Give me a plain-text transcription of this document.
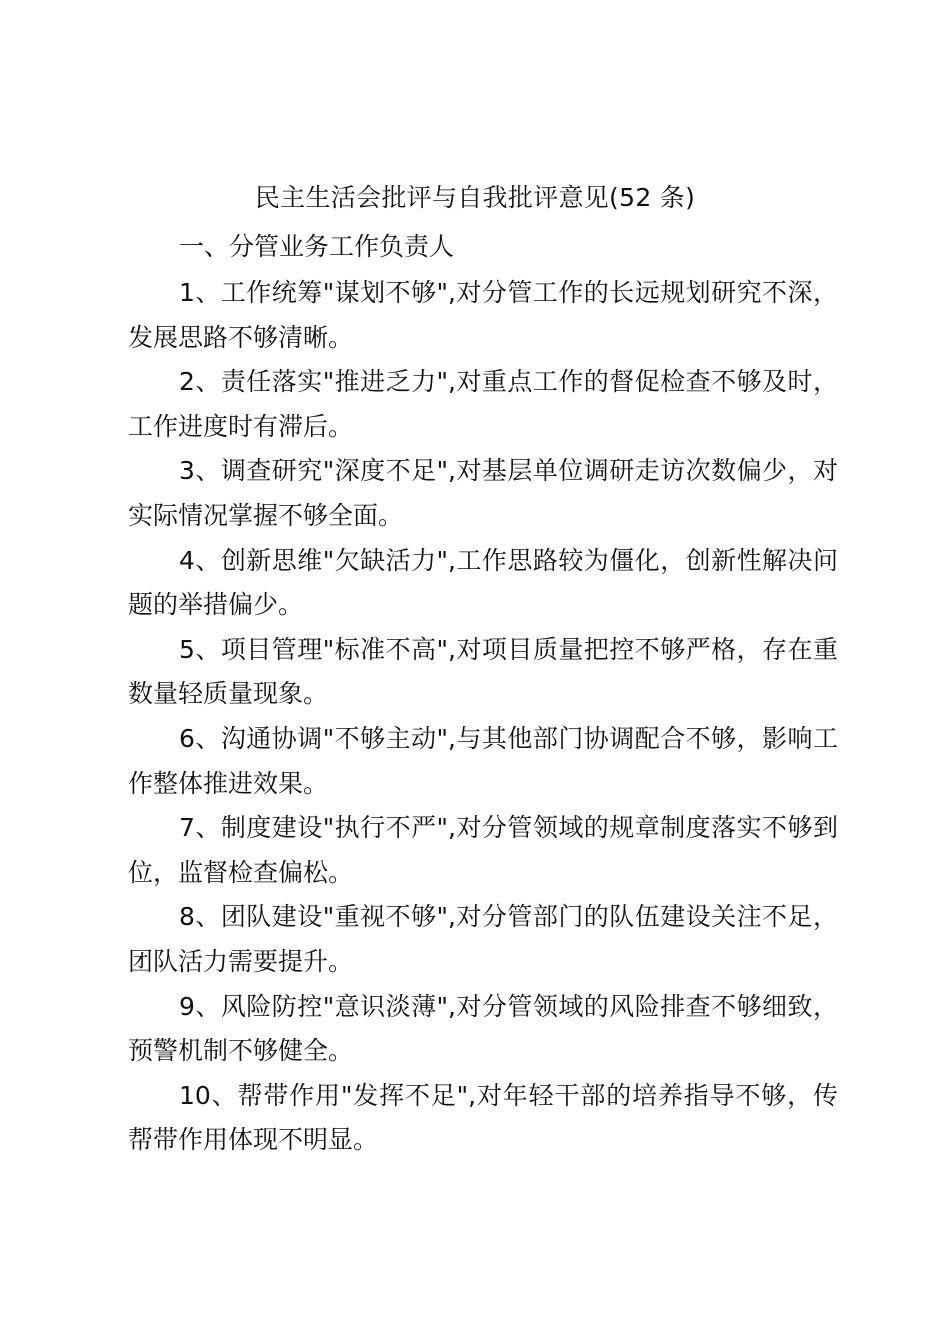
民主生活会批评与自我批评意见(52 条)
一、分管业务工作负责人

1、工作统筹"谋划不够",对分管工作的长远规划研究不深，发展思路不够清晰。

2、责任落实"推进乏力",对重点工作的督促检查不够及时，工作进度时有滞后。

3、调查研究"深度不足",对基层单位调研走访次数偏少，对实际情况掌握不够全面。

4、创新思维"欠缺活力",工作思路较为僵化，创新性解决问题的举措偏少。

5、项目管理"标准不高",对项目质量把控不够严格，存在重数量轻质量现象。

6、沟通协调"不够主动",与其他部门协调配合不够，影响工作整体推进效果。

7、制度建设"执行不严",对分管领域的规章制度落实不够到位，监督检查偏松。

8、团队建设"重视不够",对分管部门的队伍建设关注不足，团队活力需要提升。

9、风险防控"意识淡薄",对分管领域的风险排查不够细致，预警机制不够健全。

10、帮带作用"发挥不足",对年轻干部的培养指导不够，传帮带作用体现不明显。
